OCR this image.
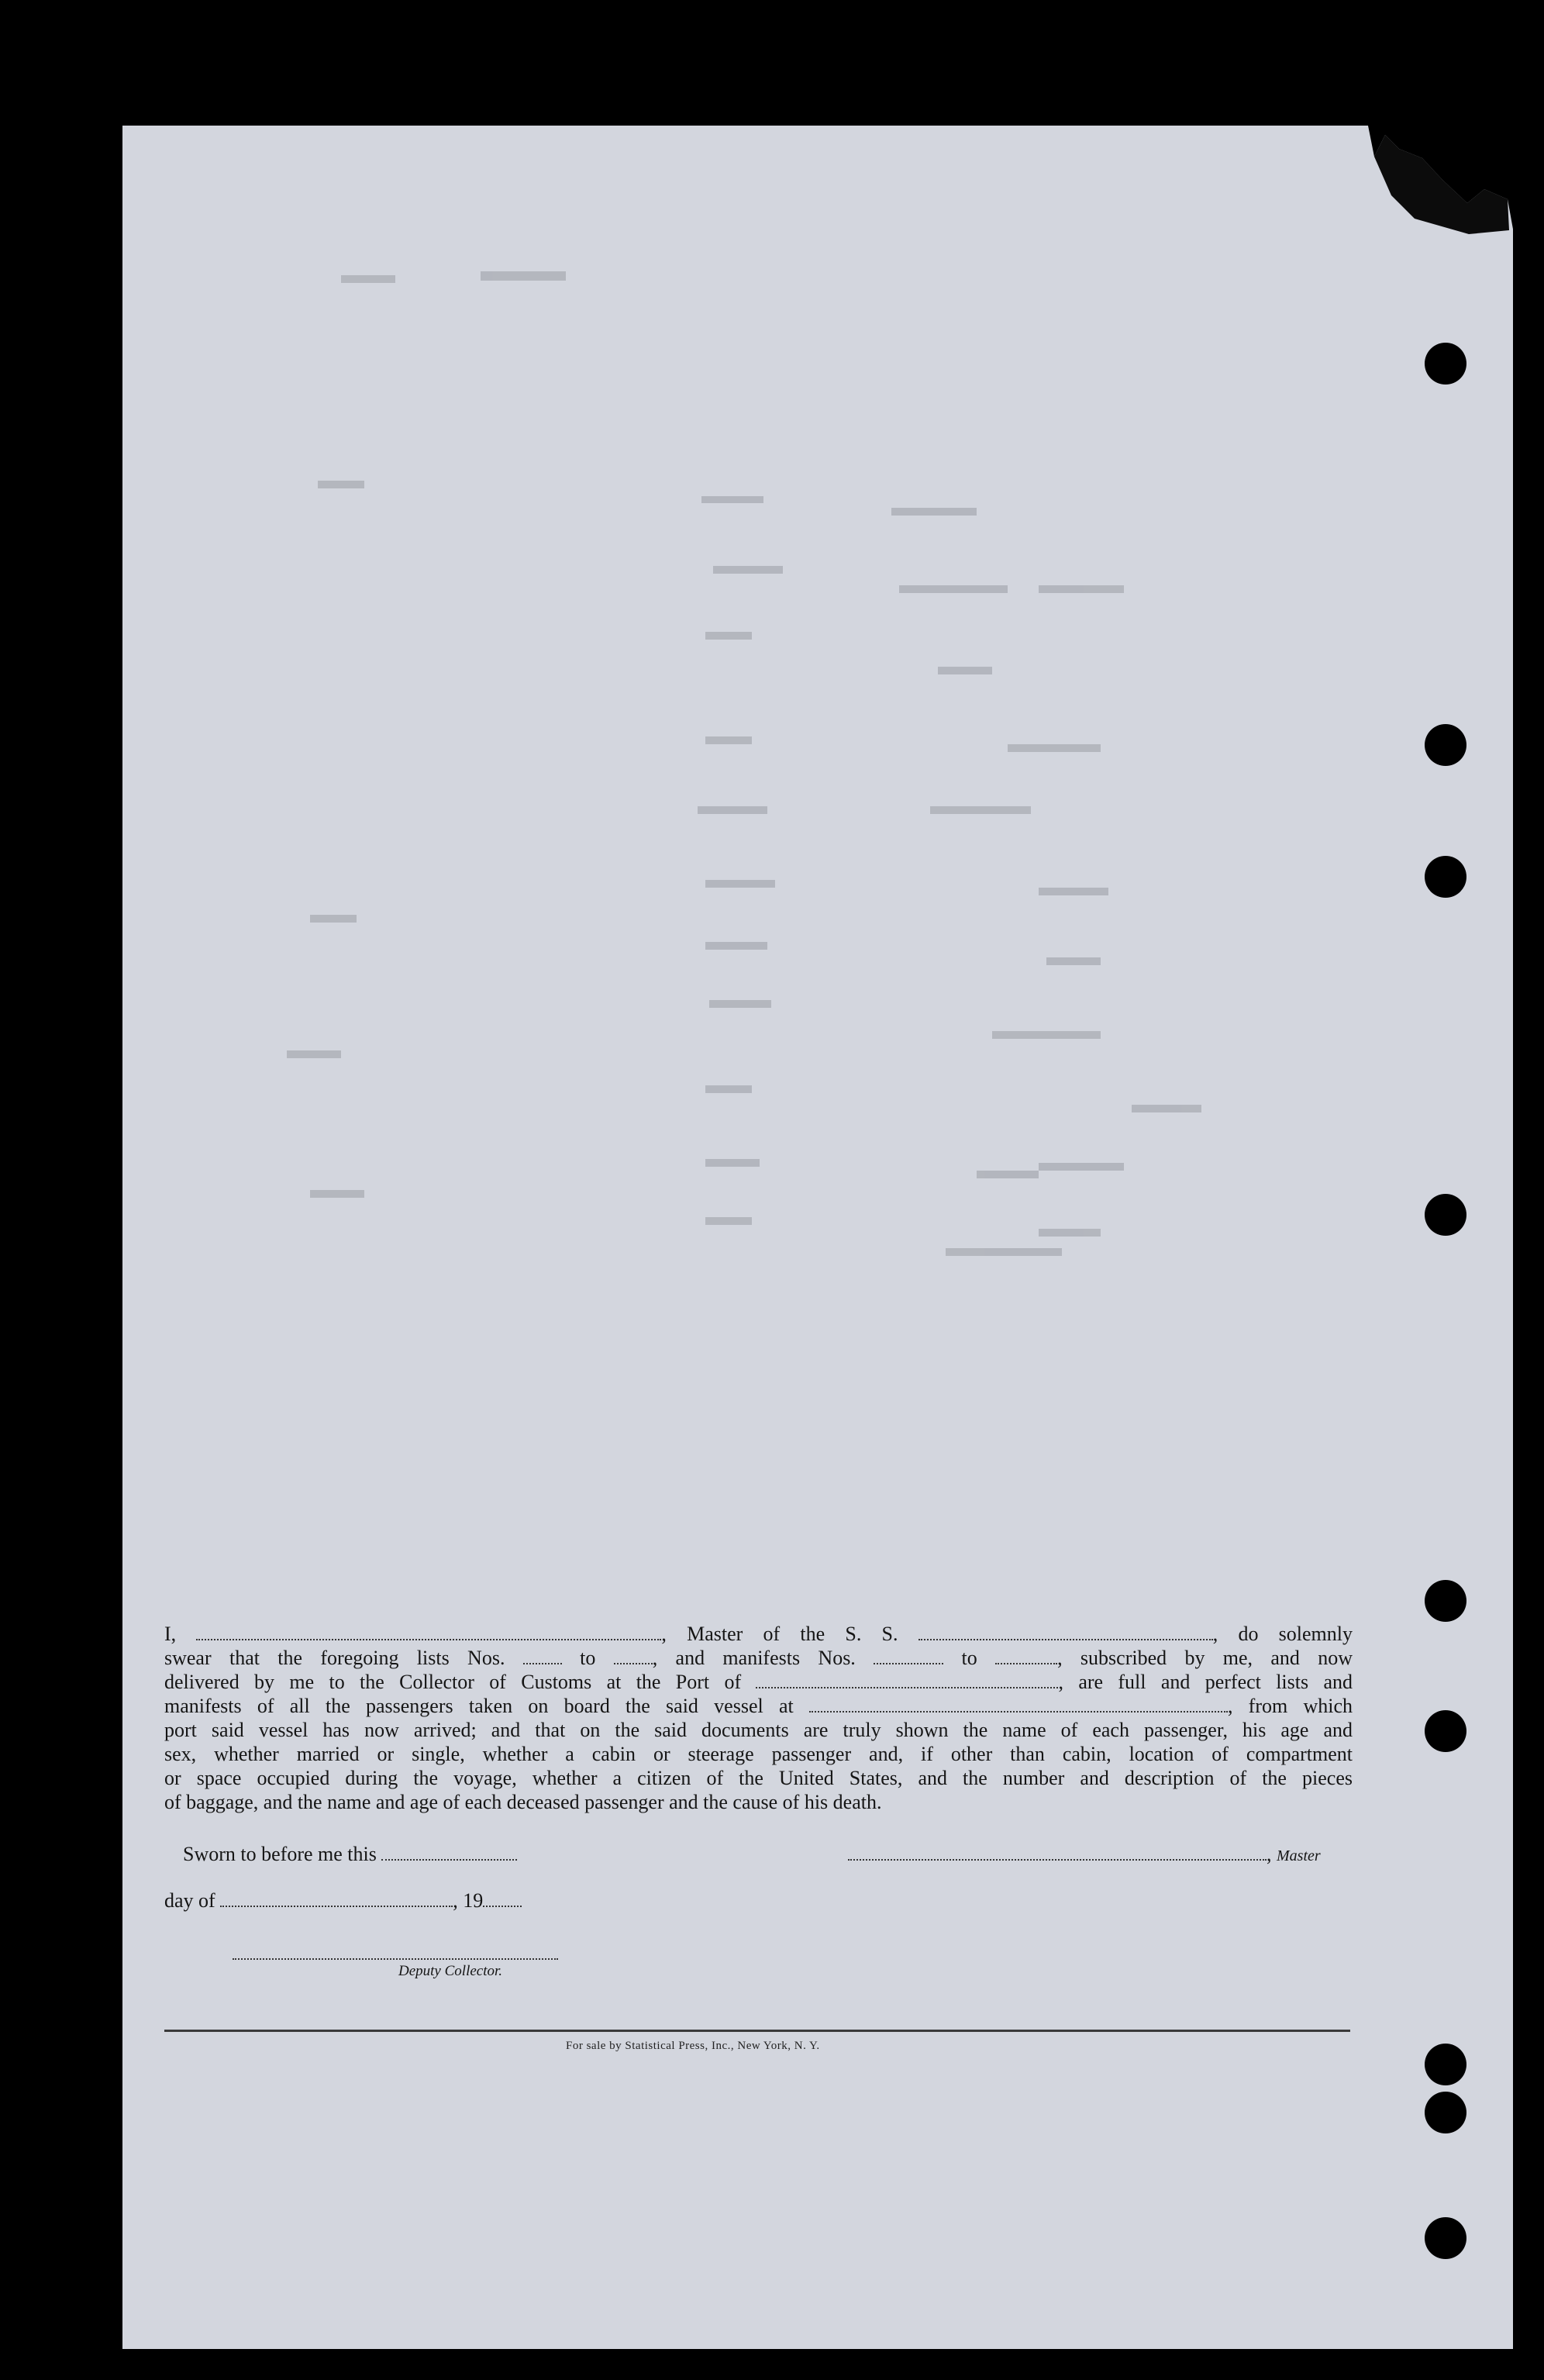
I,	, Master of the S. S.	, do solemnly
swear that the foregoing lists Nos.	to	, and manifests Nos.	to	, subscribed by me, and now
delivered by me to the Collector of Customs at the Port of	, are full and perfect lists and
manifests of all the passengers taken on board the said vessel at	, from which
port said vessel has now arrived; and that on the said documents are truly shown the name of each passenger, his age and
sex, whether married or single, whether a cabin or steerage passenger and, if other than cabin, location of compartment
or space occupied during the voyage, whether a citizen of the United States, and the number and description of the pieces
of baggage, and the name and age of each deceased passenger and the cause of his death.
Sworn to before me this	, Master
day of	, 19
Deputy Collector.
For sale by Statistical Press, Inc., New York, N. Y.
